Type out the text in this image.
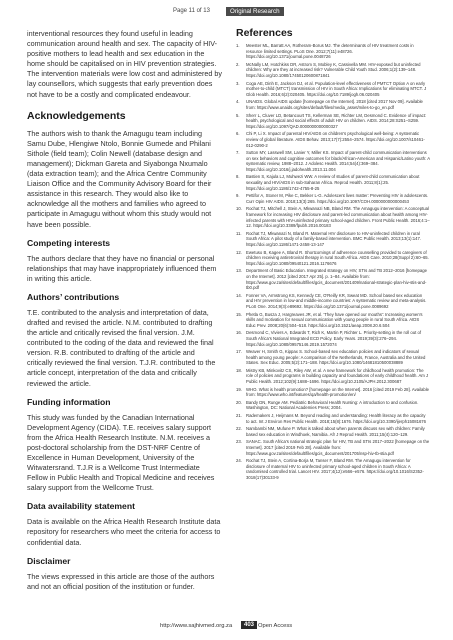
Page 11 of 13	Original Research

interventional resources they found useful in leading communication around health and sex. The capacity of HIV-positive mothers to lead health and sex education in the home should be capitalised on in HIV prevention strategies. The intervention materials were low cost and administered by lay counsellors, which suggests that early prevention does not have to be a costly and complicated endeavour.

Acknowledgements

The authors wish to thank the Amagugu team including Samu Dube, Hlengiwe Ntolo, Bonnie Gumede and Philani Sithole (field team); Colin Newell (database design and management); Dickman Gareta and Siyabonga Nxumalo (data extraction team); and the Africa Centre Community Liaison Office and the Community Advisory Board for their assistance in this research. They would also like to acknowledge all the mothers and families who agreed to participate in Amagugu without whom this study would not have been possible.

Competing interests

The authors declare that they have no financial or personal relationships that may have inappropriately influenced them in writing this article.

Authors’ contributions

T.E. contributed to the analysis and interpretation of data, drafted and revised the article. N.M. contributed to drafting the article and critically revised the final version. J.M. contributed to the coding of the data and reviewed the final version. R.B. contributed to drafting of the article and critically reviewed the final version. T.J.R. contributed to the article concept, interpretation of the data and critically reviewed the article.

Funding information

This study was funded by the Canadian International Development Agency (CIDA). T.E. receives salary support from the Africa Health Research Institute. N.M. receives a post-doctoral scholarship from the DST-NRF Centre of Excellence in Human Development, University of the Witwatersrand. T.J.R is a Wellcome Trust Intermediate Fellow in Public Health and Tropical Medicine and receives salary support from the Wellcome Trust.

Data availability statement

Data is available on the Africa Health Research Institute data repository for researchers who meet the criteria for access to confidential data.

Disclaimer

The views expressed in this article are those of the authors and not an official position of the institution or funder.

References
1. Meester ML, Barratt AA, Rotheram-Borus MJ. The determinants of HIV treatment costs in resource limited settings. PLoS One. 2012;7(11):e48726. https://doi.org/10.1371/journal.pone.0048726
2. McNally LM, Hotchkiss DR, Astrom S, Mobley K, Cassivella MM. HIV-exposed but uninfected children: Why are they at increased risk? Vulnerable Child Youth Stud. 2006;1(2):139–148. https://doi.org/10.1080/17450120600871841
3. Coga AE, Dinh E, Jackson DJ, et al. Population-level effectiveness of PMTCT Option A on early mother-to-child (MTCT) transmission of HIV in South Africa: Implications for eliminating MTCT. J Glob Health. 2016;6(2):020405. https://doi.org/10.7189/jogh.06.020405
4. UNAIDS. Global AIDS update [homepage on the Internet]. 2018 [cited 2017 Nov 09]. Available from: https://www.unaids.org/sites/default/files/media_asset/miles-to-go_en.pdf
5. Sherr L, Cluver LD, Betancourt TS, Kellerman SE, Richter LM, Desmond C. Evidence of impact: health, psychological and social effects of adult HIV on children. AIDS. 2014;28:S251–S259. https://doi.org/10.1097/QAD.0000000000000327
6. Chi P, Li X. Impact of parental HIV/AIDS on children's psychological well-being: A systematic review of global literature. AIDS Behav. 2013;17(7):2554–2574. https://doi.org/10.1007/s10461-012-0290-2
7. Sutton MY, Lasswell SM, Lanier Y, Miller KS. Impact of parent-child communication interventions on sex behaviors and cognitive outcomes for black/African-American and Hispanic/Latino youth: A systematic review, 1988–2012. J Adolesc Health. 2014;54(4):369–384. https://doi.org/10.1016/j.jadohealth.2013.11.004
8. Bastien S, Kajula LJ, Muhwezi WW. A review of studies of parent-child communication about sexuality and HIV/AIDS in sub-Saharan Africa. Reprod Health. 2011;8(1):25. https://doi.org/10.1186/1742-4755-8-25
9. Pettifor A, Stoner M, Pike C, Bekker L-G. Adolescent lives matter: Preventing HIV in adolescents. Curr Opin HIV AIDS. 2018;13(3):265. https://doi.org/10.1097/COH.0000000000000453
10. Rochat TJ, Mitchell J, Stein A, Mkwanazi NB, Bland RM. The Amagugu intervention: A conceptual framework for increasing HIV disclosure and parent-led communication about health among HIV-infected parents with HIV-uninfected primary school-aged children. Front Public Health. 2016;4:1–12. https://doi.org/10.3389/fpubh.2016.00183
11. Rochat TJ, Mkwanazi N, Bland R. Maternal HIV disclosure to HIV-uninfected children in rural South Africa: A pilot study of a family-based intervention. BMC Public Health. 2013;13(1):147. https://doi.org/10.1186/1471-2458-13-147
12. Ewetuso B, Kagee A, Bland R. Shortcomings of adherence counselling provided to caregivers of children receiving antiretroviral therapy in rural South Africa. AIDS Care. 2010;28(Suppl 2):60–65. https://doi.org/10.1080/09540121.2016.1176676
13. Department of Basic Education. Integrated strategy on HIV, STIs and TB 2012–2016 [homepage on the Internet]. 2012 [cited 2017 Apr 25]. p. 1–84. Available from: https://www.gov.za/sites/default/files/gcis_document/201409/national-strategic-plan-hiv-stis-and-tb0.pdf
14. Fonner VA, Armstrong KS, Kennedy CE, O'Reilly KR, Sweat MD. School based sex education and HIV prevention in low-and middle-income countries: A systematic review and meta-analysis. PLoS One. 2014;9(3):e89692. https://doi.org/10.1371/journal.pone.0089692
15. Phetla G, Busza J, Hargreaves JR, et al. 'They have opened our mouths': Increasing women's skills and motivation for sexual communication with young people in rural South Africa. AIDS Educ Prev. 2008;20(6):504–518. https://doi.org/10.1521/aeap.2008.20.6.504
16. Desmond C, Viviers A, Edwards T, Rich K, Martin P, Richter L. Priority-setting in the roll out of South Africa's National Integrated ECD Policy. Early Years. 2019;39(3):276–294. https://doi.org/10.1080/09575146.2019.1572074
17. Weaver H, Smith G, Kippax S. School-based sex education policies and indicators of sexual health among young people: A comparison of the Netherlands, France, Australia and the United States. Sex Educ. 2005;5(2):171–188. https://doi.org/10.1080/14681810500038889
18. Mistry KB, Minkovitz CS, Riley AW, et al. A new framework for childhood health promotion: The role of policies and programs in building capacity and foundations of early childhood health. Am J Public Health. 2012;102(9):1688–1696. https://doi.org/10.2105/AJPH.2012.300687
19. WHO. What is health promotion? [homepage on the Internet]. 2016 [cited 2019 Feb 28]. Available from: https://www.who.int/features/qa/health-promotion/en/
20. Bandy DN, Runge AM. Pediatric Behavioral Health Nursing: A introduction to and confusion. Washington, DC: National Academies Press; 2004.
21. Rademakers J, Heijmans M. Beyond reading and understanding: Health literacy as the capacity to act. Int J Environ Res Public Health. 2018;15(8):1676. https://doi.org/10.3390/ijerph15081676
22. Nambambi NM, Mufune P. What is talked about when parents discuss sex with children: Family based sex education in Windhoek, Namibia. Afr J Reprod Health. 2011;15(4):120–129.
23. SANAC. South Africa's national strategic plan for HIV, TB and STIs 2017–2022 [homepage on the Internet]. 2017 [cited 2019 Feb 28]. Available from: https://www.gov.za/sites/default/files/gcis_document/201705/nsp-hiv-tb-stia.pdf
24. Rochat TJ, Stein A, Cortina-Borja M, Tanser F, Bland RM. The Amagugu intervention for disclosure of maternal HIV to uninfected primary school-aged children in South Africa: A randomised controlled trial. Lancet HIV. 2017;4(12):e566–e576. https://doi.org/10.1016/S2352-3018(17)30133-9
http://www.sajhivmed.org.za	403 Open Access
